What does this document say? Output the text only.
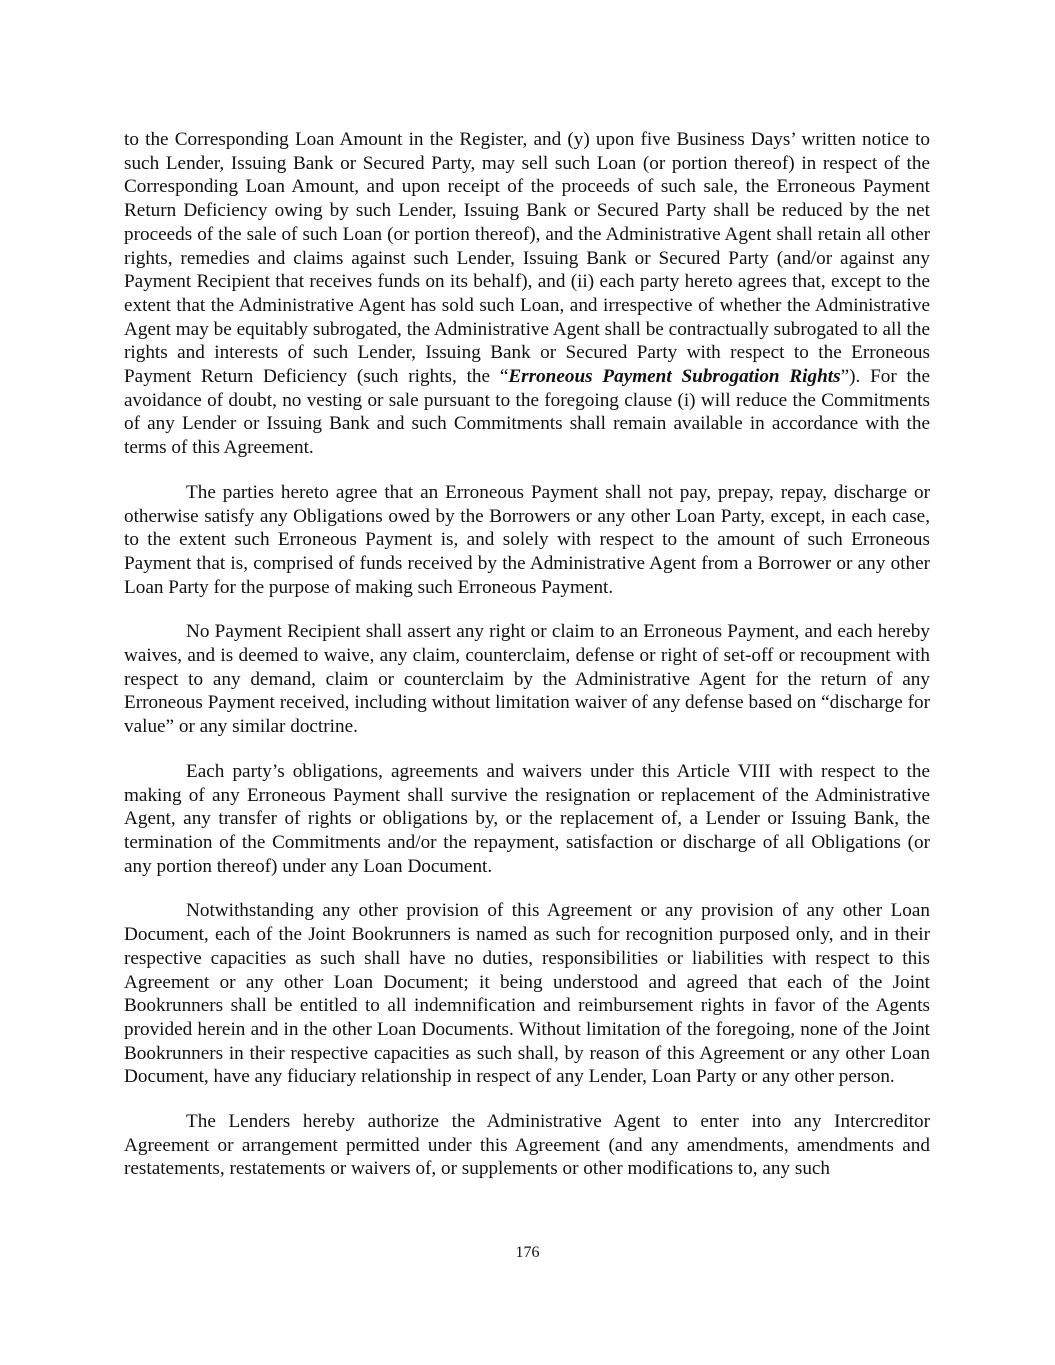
to the Corresponding Loan Amount in the Register, and (y) upon five Business Days’ written notice to such Lender, Issuing Bank or Secured Party, may sell such Loan (or portion thereof) in respect of the Corresponding Loan Amount, and upon receipt of the proceeds of such sale, the Erroneous Payment Return Deficiency owing by such Lender, Issuing Bank or Secured Party shall be reduced by the net proceeds of the sale of such Loan (or portion thereof), and the Administrative Agent shall retain all other rights, remedies and claims against such Lender, Issuing Bank or Secured Party (and/or against any Payment Recipient that receives funds on its behalf), and (ii) each party hereto agrees that, except to the extent that the Administrative Agent has sold such Loan, and irrespective of whether the Administrative Agent may be equitably subrogated, the Administrative Agent shall be contractually subrogated to all the rights and interests of such Lender, Issuing Bank or Secured Party with respect to the Erroneous Payment Return Deficiency (such rights, the “Erroneous Payment Subrogation Rights”). For the avoidance of doubt, no vesting or sale pursuant to the foregoing clause (i) will reduce the Commitments of any Lender or Issuing Bank and such Commitments shall remain available in accordance with the terms of this Agreement.

The parties hereto agree that an Erroneous Payment shall not pay, prepay, repay, discharge or otherwise satisfy any Obligations owed by the Borrowers or any other Loan Party, except, in each case, to the extent such Erroneous Payment is, and solely with respect to the amount of such Erroneous Payment that is, comprised of funds received by the Administrative Agent from a Borrower or any other Loan Party for the purpose of making such Erroneous Payment.

No Payment Recipient shall assert any right or claim to an Erroneous Payment, and each hereby waives, and is deemed to waive, any claim, counterclaim, defense or right of set-off or recoupment with respect to any demand, claim or counterclaim by the Administrative Agent for the return of any Erroneous Payment received, including without limitation waiver of any defense based on “discharge for value” or any similar doctrine.

Each party’s obligations, agreements and waivers under this Article VIII with respect to the making of any Erroneous Payment shall survive the resignation or replacement of the Administrative Agent, any transfer of rights or obligations by, or the replacement of, a Lender or Issuing Bank, the termination of the Commitments and/or the repayment, satisfaction or discharge of all Obligations (or any portion thereof) under any Loan Document.

Notwithstanding any other provision of this Agreement or any provision of any other Loan Document, each of the Joint Bookrunners is named as such for recognition purposed only, and in their respective capacities as such shall have no duties, responsibilities or liabilities with respect to this Agreement or any other Loan Document; it being understood and agreed that each of the Joint Bookrunners shall be entitled to all indemnification and reimbursement rights in favor of the Agents provided herein and in the other Loan Documents. Without limitation of the foregoing, none of the Joint Bookrunners in their respective capacities as such shall, by reason of this Agreement or any other Loan Document, have any fiduciary relationship in respect of any Lender, Loan Party or any other person.

The Lenders hereby authorize the Administrative Agent to enter into any Intercreditor Agreement or arrangement permitted under this Agreement (and any amendments, amendments and restatements, restatements or waivers of, or supplements or other modifications to, any such

176
